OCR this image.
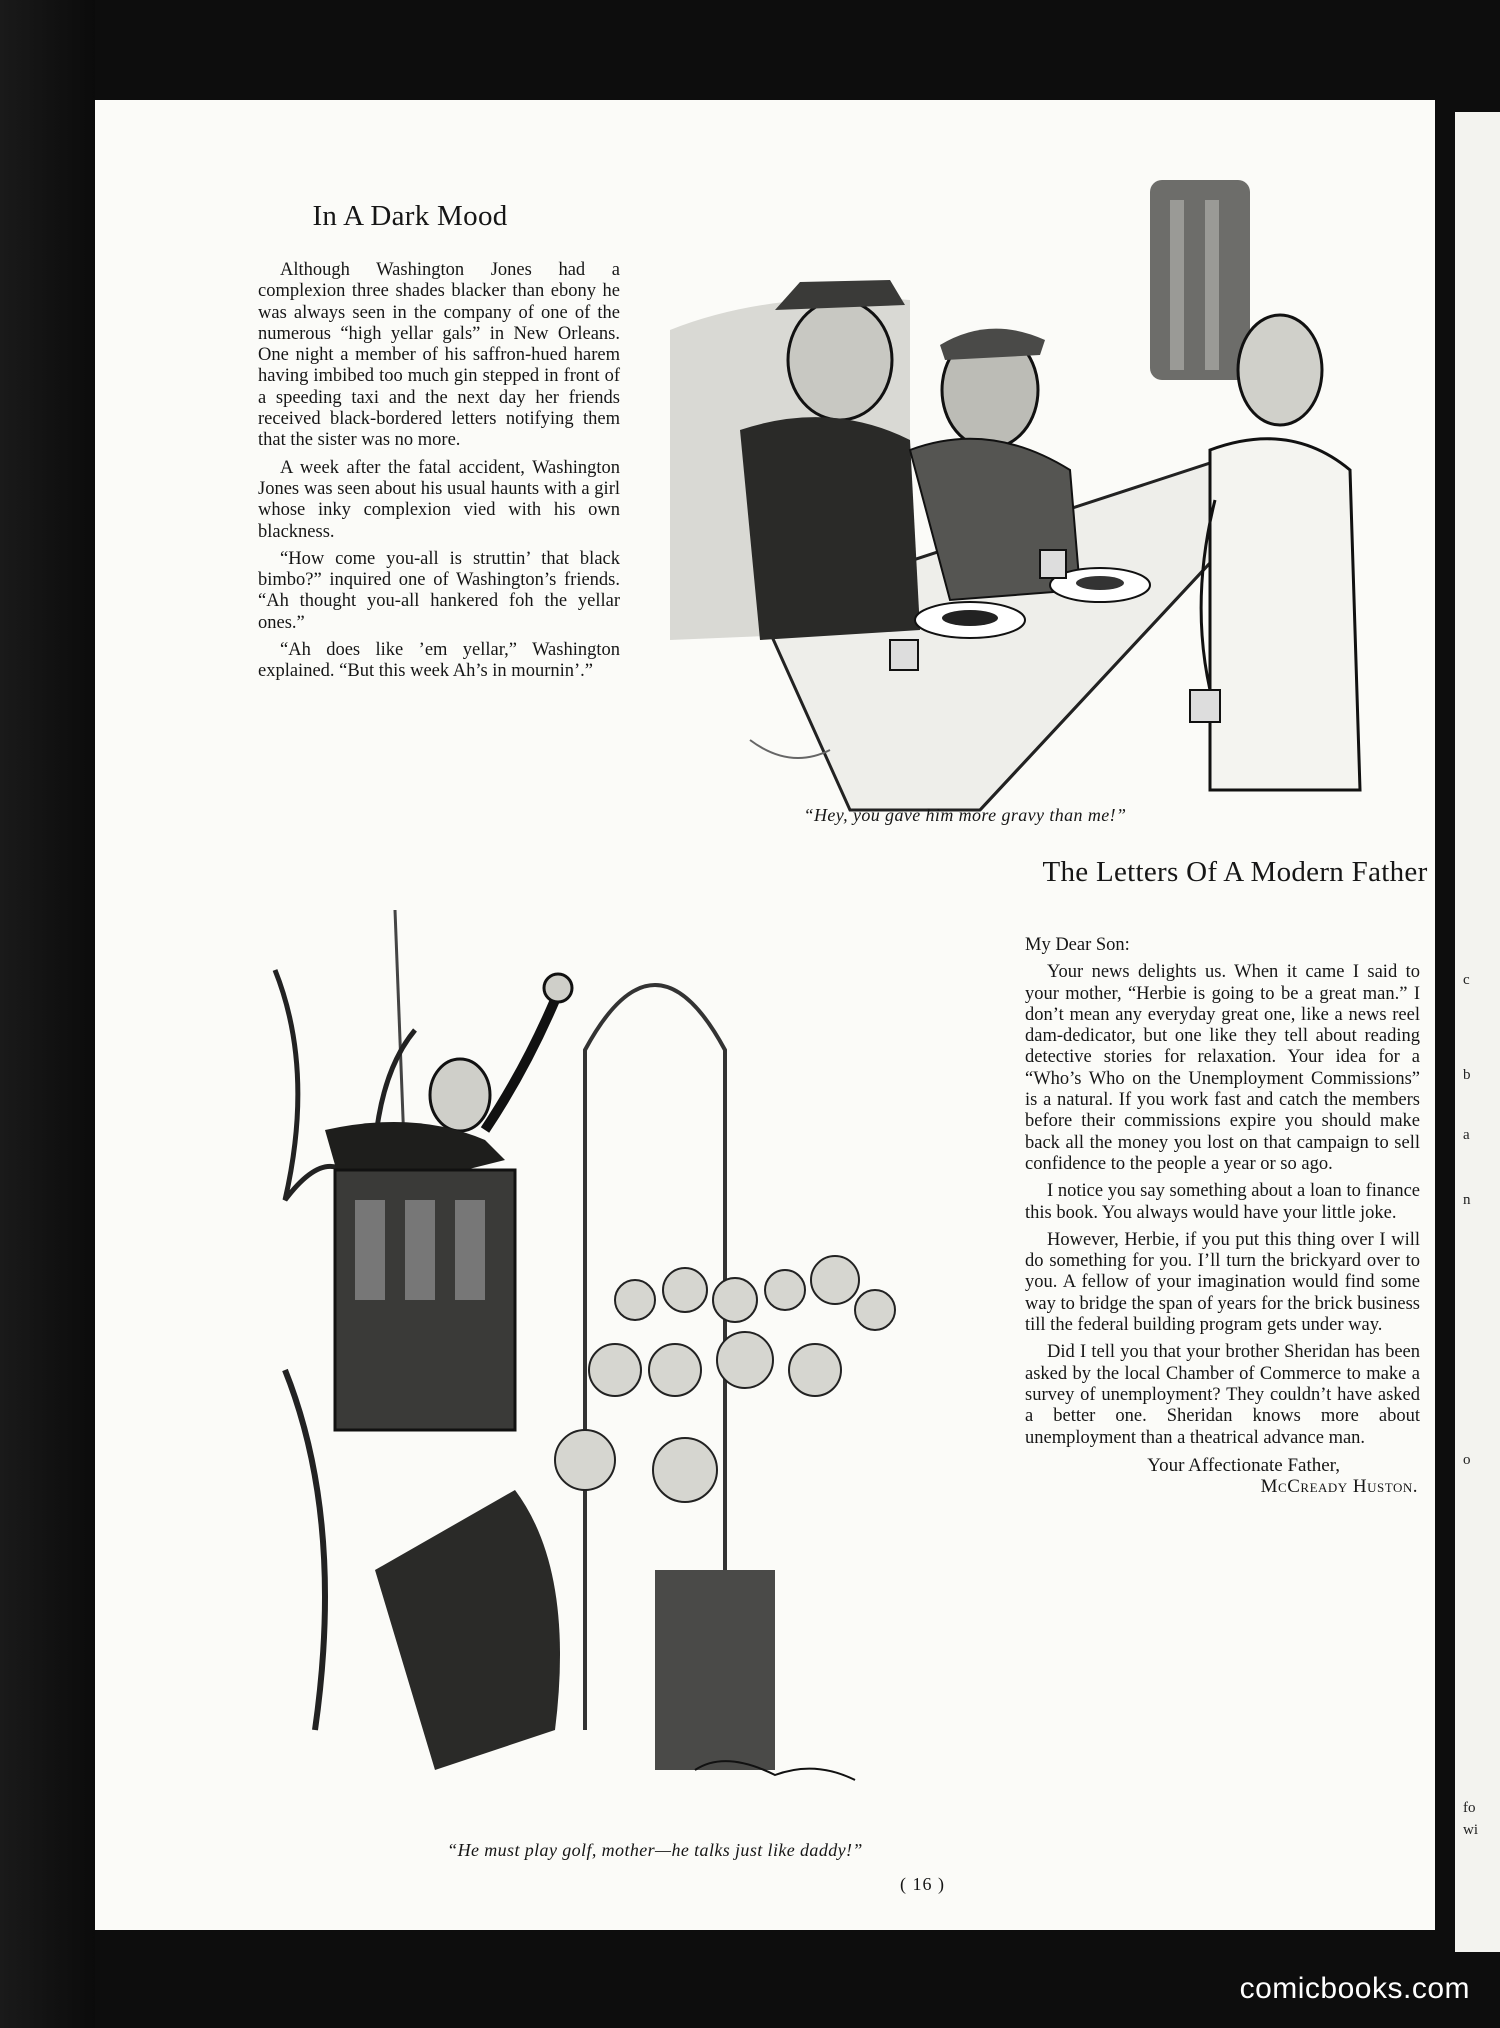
In A Dark Mood

Although Washington Jones had a complexion three shades blacker than ebony he was always seen in the company of one of the numerous “high yellar gals” in New Orleans. One night a member of his saffron-hued harem having imbibed too much gin stepped in front of a speeding taxi and the next day her friends received black-bordered letters notifying them that the sister was no more.

A week after the fatal accident, Washington Jones was seen about his usual haunts with a girl whose inky complexion vied with his own blackness.

“How come you-all is struttin’ that black bimbo?” inquired one of Washington’s friends. “Ah thought you-all hankered foh the yellar ones.”

“Ah does like ’em yellar,” Washington explained. “But this week Ah’s in mournin’.”

“Hey, you gave him more gravy than me!”
“He must play golf, mother—he talks just like daddy!”
The Letters Of A Modern Father

My Dear Son:

Your news delights us. When it came I said to your mother, “Herbie is going to be a great man.” I don’t mean any everyday great one, like a news reel dam-dedicator, but one like they tell about reading detective stories for relaxation. Your idea for a “Who’s Who on the Unemployment Commissions” is a natural. If you work fast and catch the members before their commissions expire you should make back all the money you lost on that campaign to sell confidence to the people a year or so ago.

I notice you say something about a loan to finance this book. You always would have your little joke.

However, Herbie, if you put this thing over I will do something for you. I’ll turn the brickyard over to you. A fellow of your imagination would find some way to bridge the span of years for the brick business till the federal building program gets under way.

Did I tell you that your brother Sheridan has been asked by the local Chamber of Commerce to make a survey of unemployment? They couldn’t have asked a better one. Sheridan knows more about unemployment than a theatrical advance man.

Your Affectionate Father,
McCready Huston.
( 16 )
c
b
a
n
o
fo
wi
comicbooks.com
